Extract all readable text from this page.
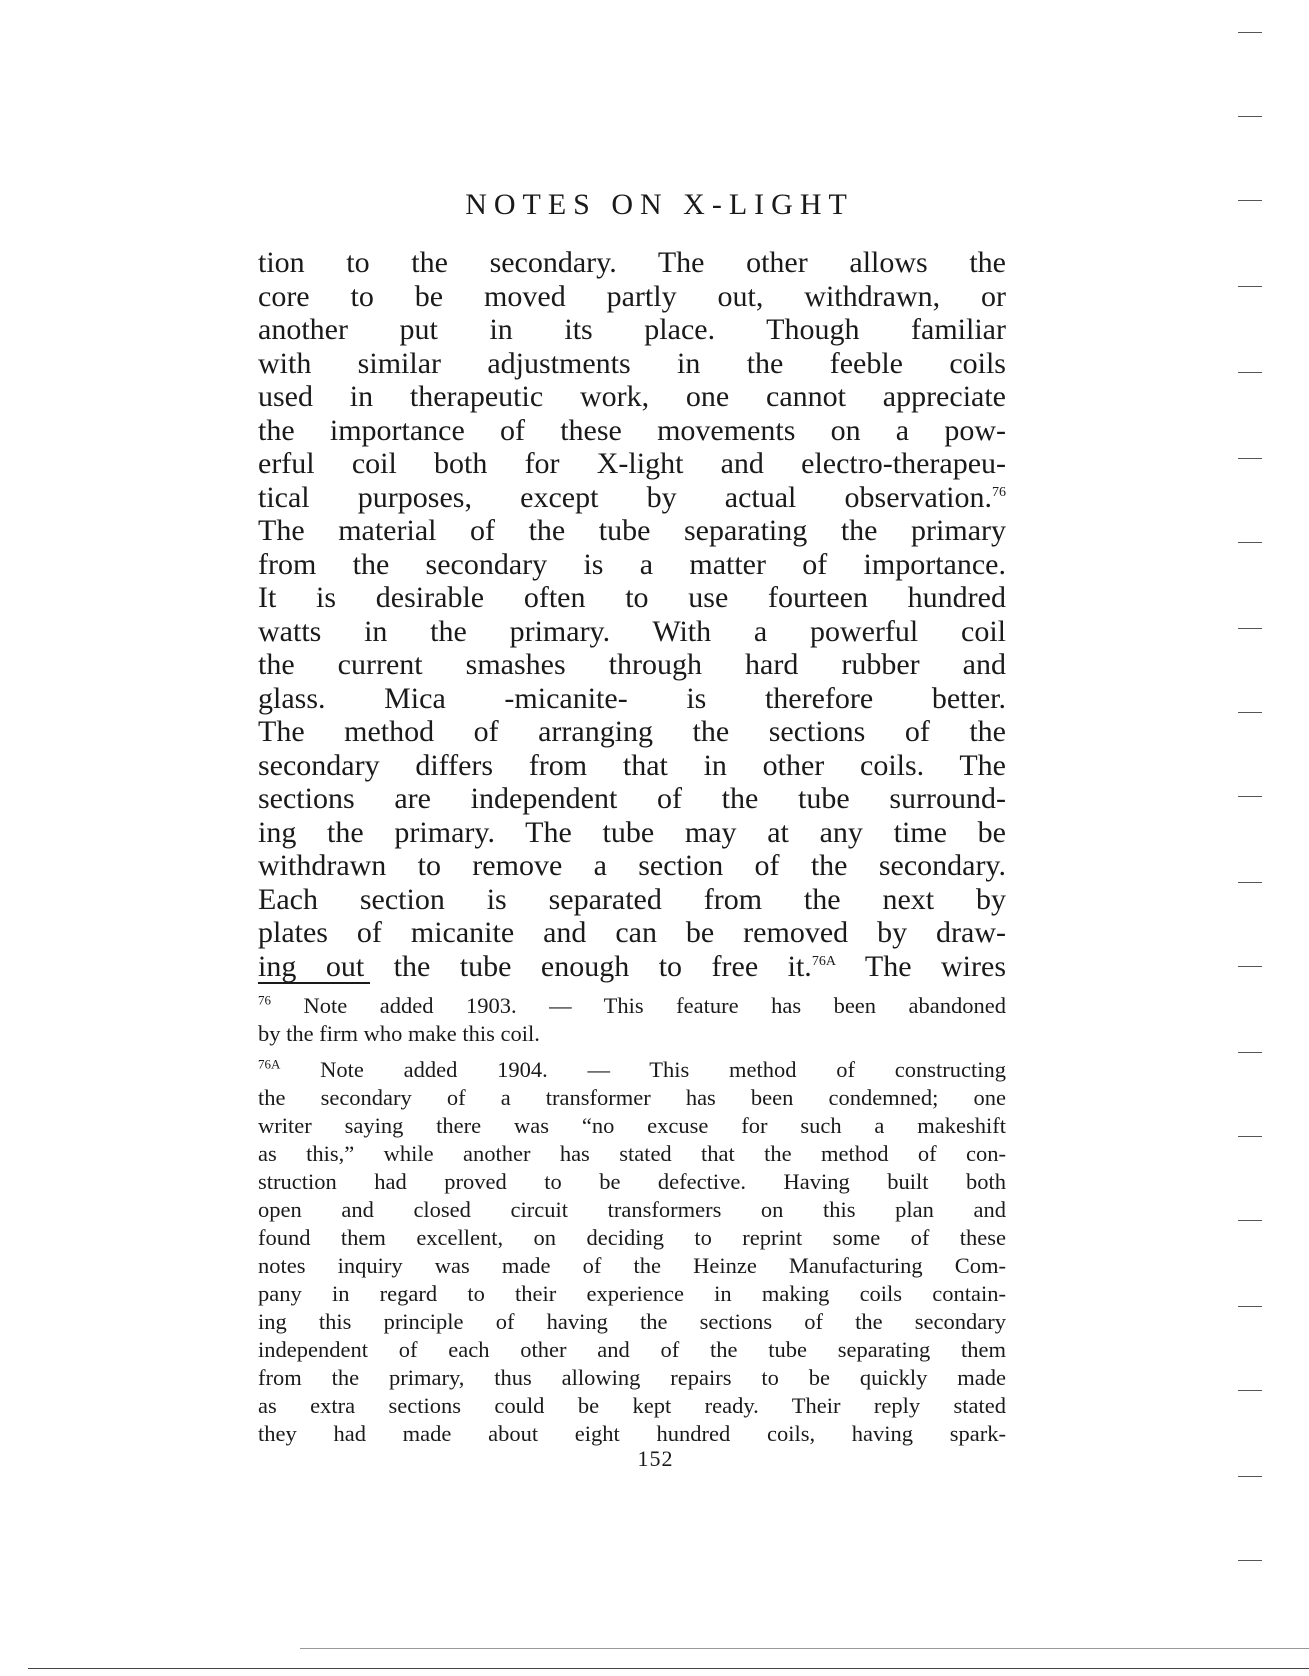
NOTES ON X-LIGHT
tion to the secondary. The other allows the
core to be moved partly out, withdrawn, or
another put in its place. Though familiar
with similar adjustments in the feeble coils
used in therapeutic work, one cannot appreciate
the importance of these movements on a pow-
erful coil both for X-light and electro-therapeu-
tical purposes, except by actual observation.$^{76}$
The material of the tube separating the primary
from the secondary is a matter of importance.
It is desirable often to use fourteen hundred
watts in the primary. With a powerful coil
the current smashes through hard rubber and
glass. Mica -micanite- is therefore better.
The method of arranging the sections of the
secondary differs from that in other coils. The
sections are independent of the tube surround-
ing the primary. The tube may at any time be
withdrawn to remove a section of the secondary.
Each section is separated from the next by
plates of micanite and can be removed by draw-
ing out the tube enough to free it.$^{76A}$ The wires
$^{76}$ Note added 1903. — This feature has been abandoned
by the firm who make this coil.
$^{76A}$ Note added 1904. — This method of constructing
the secondary of a transformer has been condemned; one
writer saying there was “no excuse for such a makeshift
as this,” while another has stated that the method of con-
struction had proved to be defective. Having built both
open and closed circuit transformers on this plan and
found them excellent, on deciding to reprint some of these
notes inquiry was made of the Heinze Manufacturing Com-
pany in regard to their experience in making coils contain-
ing this principle of having the sections of the secondary
independent of each other and of the tube separating them
from the primary, thus allowing repairs to be quickly made
as extra sections could be kept ready. Their reply stated
they had made about eight hundred coils, having spark-
152
